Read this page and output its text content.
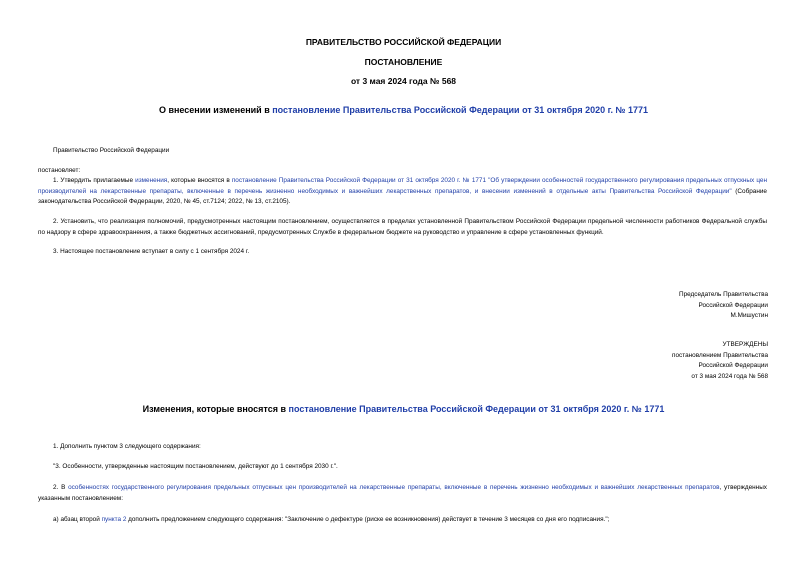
ПРАВИТЕЛЬСТВО РОССИЙСКОЙ ФЕДЕРАЦИИ
ПОСТАНОВЛЕНИЕ
от 3 мая 2024 года № 568
О внесении изменений в постановление Правительства Российской Федерации от 31 октября 2020 г. № 1771
Правительство Российской Федерации
постановляет:
1. Утвердить прилагаемые изменения, которые вносятся в постановление Правительства Российской Федерации от 31 октября 2020 г. № 1771 "Об утверждении особенностей государственного регулирования предельных отпускных цен производителей на лекарственные препараты, включенные в перечень жизненно необходимых и важнейших лекарственных препаратов, и внесении изменений в отдельные акты Правительства Российской Федерации" (Собрание законодательства Российской Федерации, 2020, № 45, ст.7124; 2022, № 13, ст.2105).
2. Установить, что реализация полномочий, предусмотренных настоящим постановлением, осуществляется в пределах установленной Правительством Российской Федерации предельной численности работников Федеральной службы по надзору в сфере здравоохранения, а также бюджетных ассигнований, предусмотренных Службе в федеральном бюджете на руководство и управление в сфере установленных функций.
3. Настоящее постановление вступает в силу с 1 сентября 2024 г.
Председатель Правительства
Российской Федерации
М.Мишустин
УТВЕРЖДЕНЫ
постановлением Правительства
Российской Федерации
от 3 мая 2024 года № 568
Изменения, которые вносятся в постановление Правительства Российской Федерации от 31 октября 2020 г. № 1771
1. Дополнить пунктом 3 следующего содержания:
"3. Особенности, утвержденные настоящим постановлением, действуют до 1 сентября 2030 г.".
2. В особенностях государственного регулирования предельных отпускных цен производителей на лекарственные препараты, включенные в перечень жизненно необходимых и важнейших лекарственных препаратов, утвержденных указанным постановлением:
а) абзац второй пункта 2 дополнить предложением следующего содержания: "Заключение о дефектуре (риске ее возникновения) действует в течение 3 месяцев со дня его подписания.";
